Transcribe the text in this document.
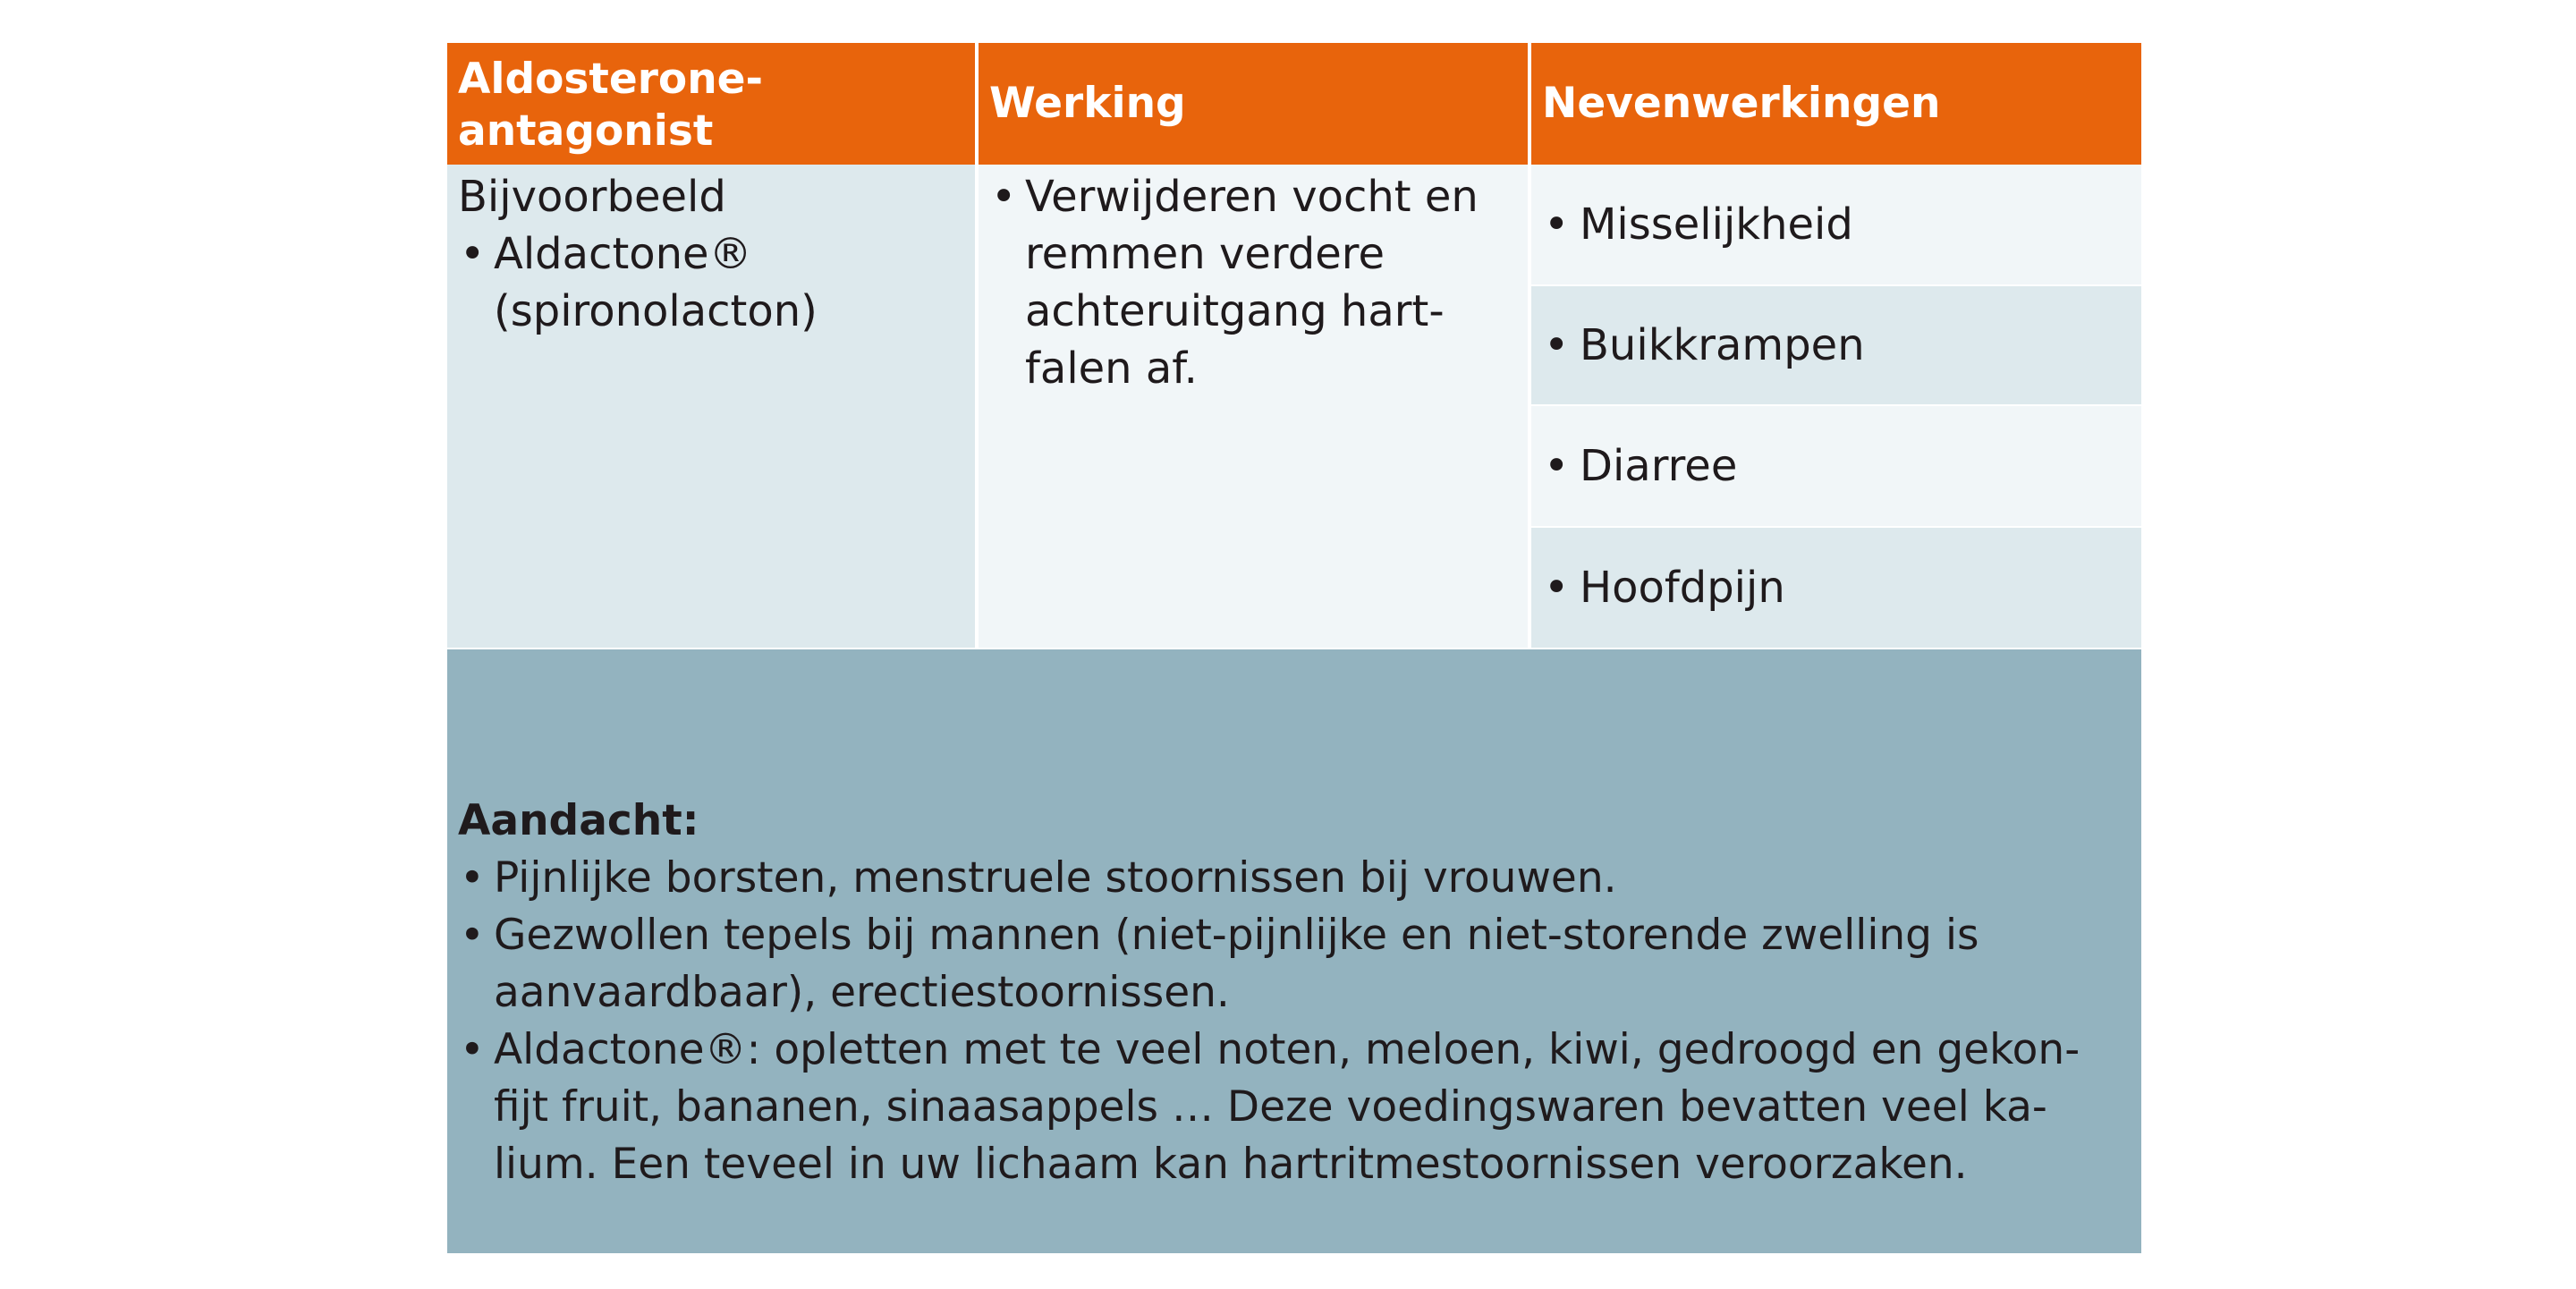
Aldosterone-antagonist
Werking	Nevenwerkingen
Bijvoorbeeld
• Aldactone® (spironolacton)
• Verwijderen vocht en remmen verdere achteruitgang hart-falen af.
• Misselijkheid
• Buikkrampen
• Diarree
• Hoofdpijn
Aandacht:
• Pijnlijke borsten, menstruele stoornissen bij vrouwen.
• Gezwollen tepels bij mannen (niet-pijnlijke en niet-storende zwelling is aanvaardbaar), erectiestoornissen.
• Aldactone®: opletten met te veel noten, meloen, kiwi, gedroogd en gekon-fijt fruit, bananen, sinaasappels … Deze voedingswaren bevatten veel ka-lium. Een teveel in uw lichaam kan hartritmestoornissen veroorzaken.
